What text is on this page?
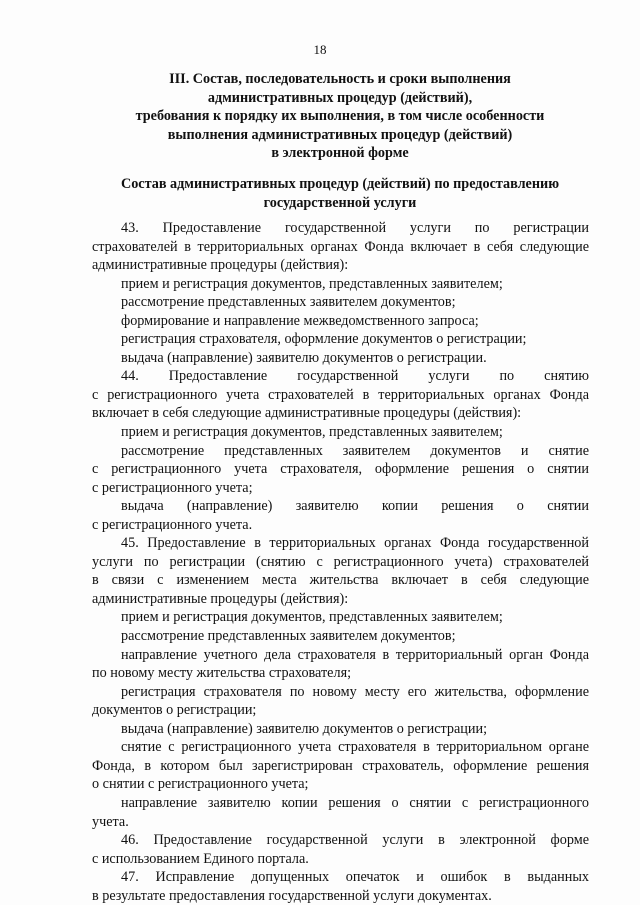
18
III. Состав, последовательность и сроки выполнения
административных процедур (действий),
требования к порядку их выполнения, в том числе особенности
выполнения административных процедур (действий)
в электронной форме
Состав административных процедур (действий) по предоставлению
государственной услуги
43. Предоставление государственной услуги по регистрации
страхователей в территориальных органах Фонда включает в себя следующие
административные процедуры (действия):
прием и регистрация документов, представленных заявителем;
рассмотрение представленных заявителем документов;
формирование и направление межведомственного запроса;
регистрация страхователя, оформление документов о регистрации;
выдача (направление) заявителю документов о регистрации.
44. Предоставление государственной услуги по снятию
с регистрационного учета страхователей в территориальных органах Фонда
включает в себя следующие административные процедуры (действия):
прием и регистрация документов, представленных заявителем;
рассмотрение представленных заявителем документов и снятие
с регистрационного учета страхователя, оформление решения о снятии
с регистрационного учета;
выдача (направление) заявителю копии решения о снятии
с регистрационного учета.
45. Предоставление в территориальных органах Фонда государственной
услуги по регистрации (снятию с регистрационного учета) страхователей
в связи с изменением места жительства включает в себя следующие
административные процедуры (действия):
прием и регистрация документов, представленных заявителем;
рассмотрение представленных заявителем документов;
направление учетного дела страхователя в территориальный орган Фонда
по новому месту жительства страхователя;
регистрация страхователя по новому месту его жительства, оформление
документов о регистрации;
выдача (направление) заявителю документов о регистрации;
снятие с регистрационного учета страхователя в территориальном органе
Фонда, в котором был зарегистрирован страхователь, оформление решения
о снятии с регистрационного учета;
направление заявителю копии решения о снятии с регистрационного
учета.
46. Предоставление государственной услуги в электронной форме
с использованием Единого портала.
47. Исправление допущенных опечаток и ошибок в выданных
в результате предоставления государственной услуги документах.
